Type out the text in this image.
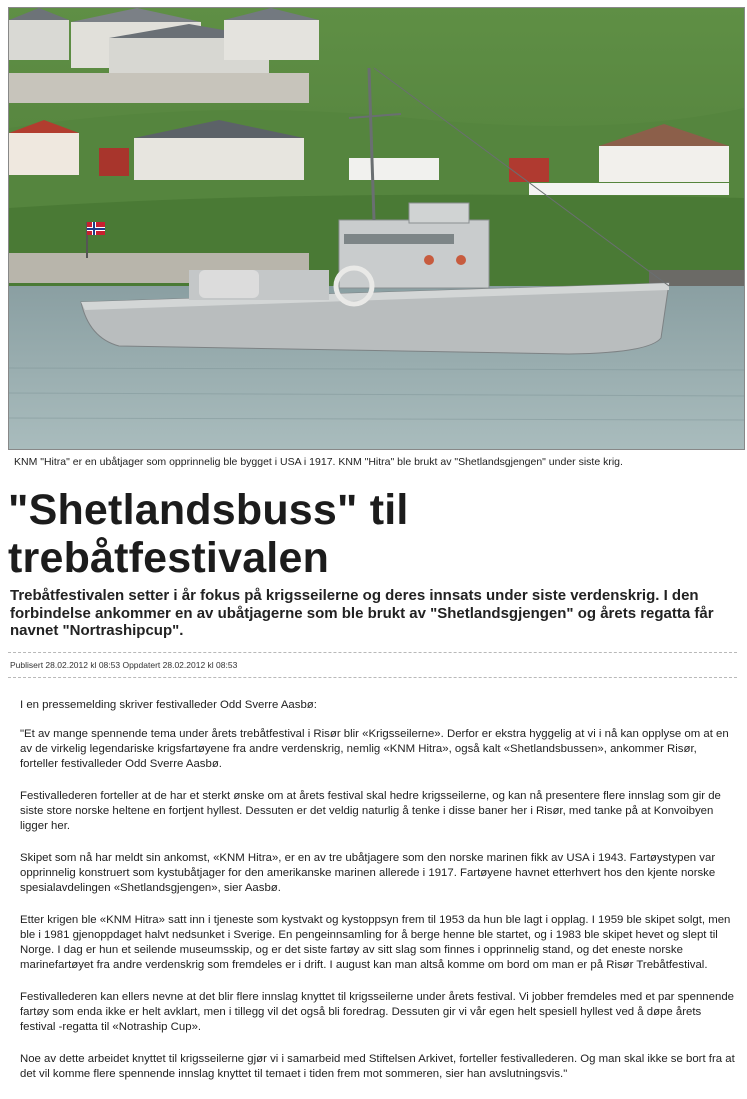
KNM "Hitra" er en ubåtjager som opprinnelig ble bygget i USA i 1917. KNM "Hitra" ble brukt av "Shetlandsgjengen" under siste krig.
"Shetlandsbuss" til
trebåtfestivalen
Trebåtfestivalen setter i år fokus på krigsseilerne og deres innsats under siste verdenskrig. I den forbindelse ankommer en av ubåtjagerne som ble brukt av "Shetlandsgjengen" og årets regatta får navnet "Nortrashipcup".
Publisert 28.02.2012 kl 08:53 Oppdatert 28.02.2012 kl 08:53

I en pressemelding skriver festivalleder Odd Sverre Aasbø:

"Et av mange spennende tema under årets trebåtfestival i Risør blir «Krigsseilerne». Derfor er ekstra hyggelig at vi i nå kan opplyse om at en av de virkelig legendariske krigsfartøyene fra andre verdenskrig, nemlig «KNM Hitra», også kalt «Shetlandsbussen», ankommer Risør, forteller festivalleder Odd Sverre Aasbø.

Festivallederen forteller at de har et sterkt ønske om at årets festival skal hedre krigsseilerne, og kan nå presentere flere innslag som gir de siste store norske heltene en fortjent hyllest. Dessuten er det veldig naturlig å tenke i disse baner her i Risør, med tanke på at Konvoibyen ligger her.

Skipet som nå har meldt sin ankomst, «KNM Hitra», er en av tre ubåtjagere som den norske marinen fikk av USA i 1943. Fartøystypen var opprinnelig konstruert som kystubåtjager for den amerikanske marinen allerede i 1917. Fartøyene havnet etterhvert hos den kjente norske spesialavdelingen «Shetlandsgjengen», sier Aasbø.

Etter krigen ble «KNM Hitra» satt inn i tjeneste som kystvakt og kystoppsyn frem til 1953 da hun ble lagt i opplag. I 1959 ble skipet solgt, men ble i 1981 gjenoppdaget halvt nedsunket i Sverige. En pengeinnsamling for å berge henne ble startet, og i 1983 ble skipet hevet og slept til Norge. I dag er hun et seilende museumsskip, og er det siste fartøy av sitt slag som finnes i opprinnelig stand, og det eneste norske marinefartøyet fra andre verdenskrig som fremdeles er i drift. I august kan man altså komme om bord om man er på Risør Trebåtfestival.

Festivallederen kan ellers nevne at det blir flere innslag knyttet til krigsseilerne under årets festival. Vi jobber fremdeles med et par spennende fartøy som enda ikke er helt avklart, men i tillegg vil det også bli foredrag. Dessuten gir vi vår egen helt spesiell hyllest ved å døpe årets festival -regatta til «Notraship Cup».

Noe av dette arbeidet knyttet til krigsseilerne gjør vi i samarbeid med Stiftelsen Arkivet, forteller festivallederen. Og man skal ikke se bort fra at det vil komme flere spennende innslag knyttet til temaet i tiden frem mot sommeren, sier han avslutningsvis."
